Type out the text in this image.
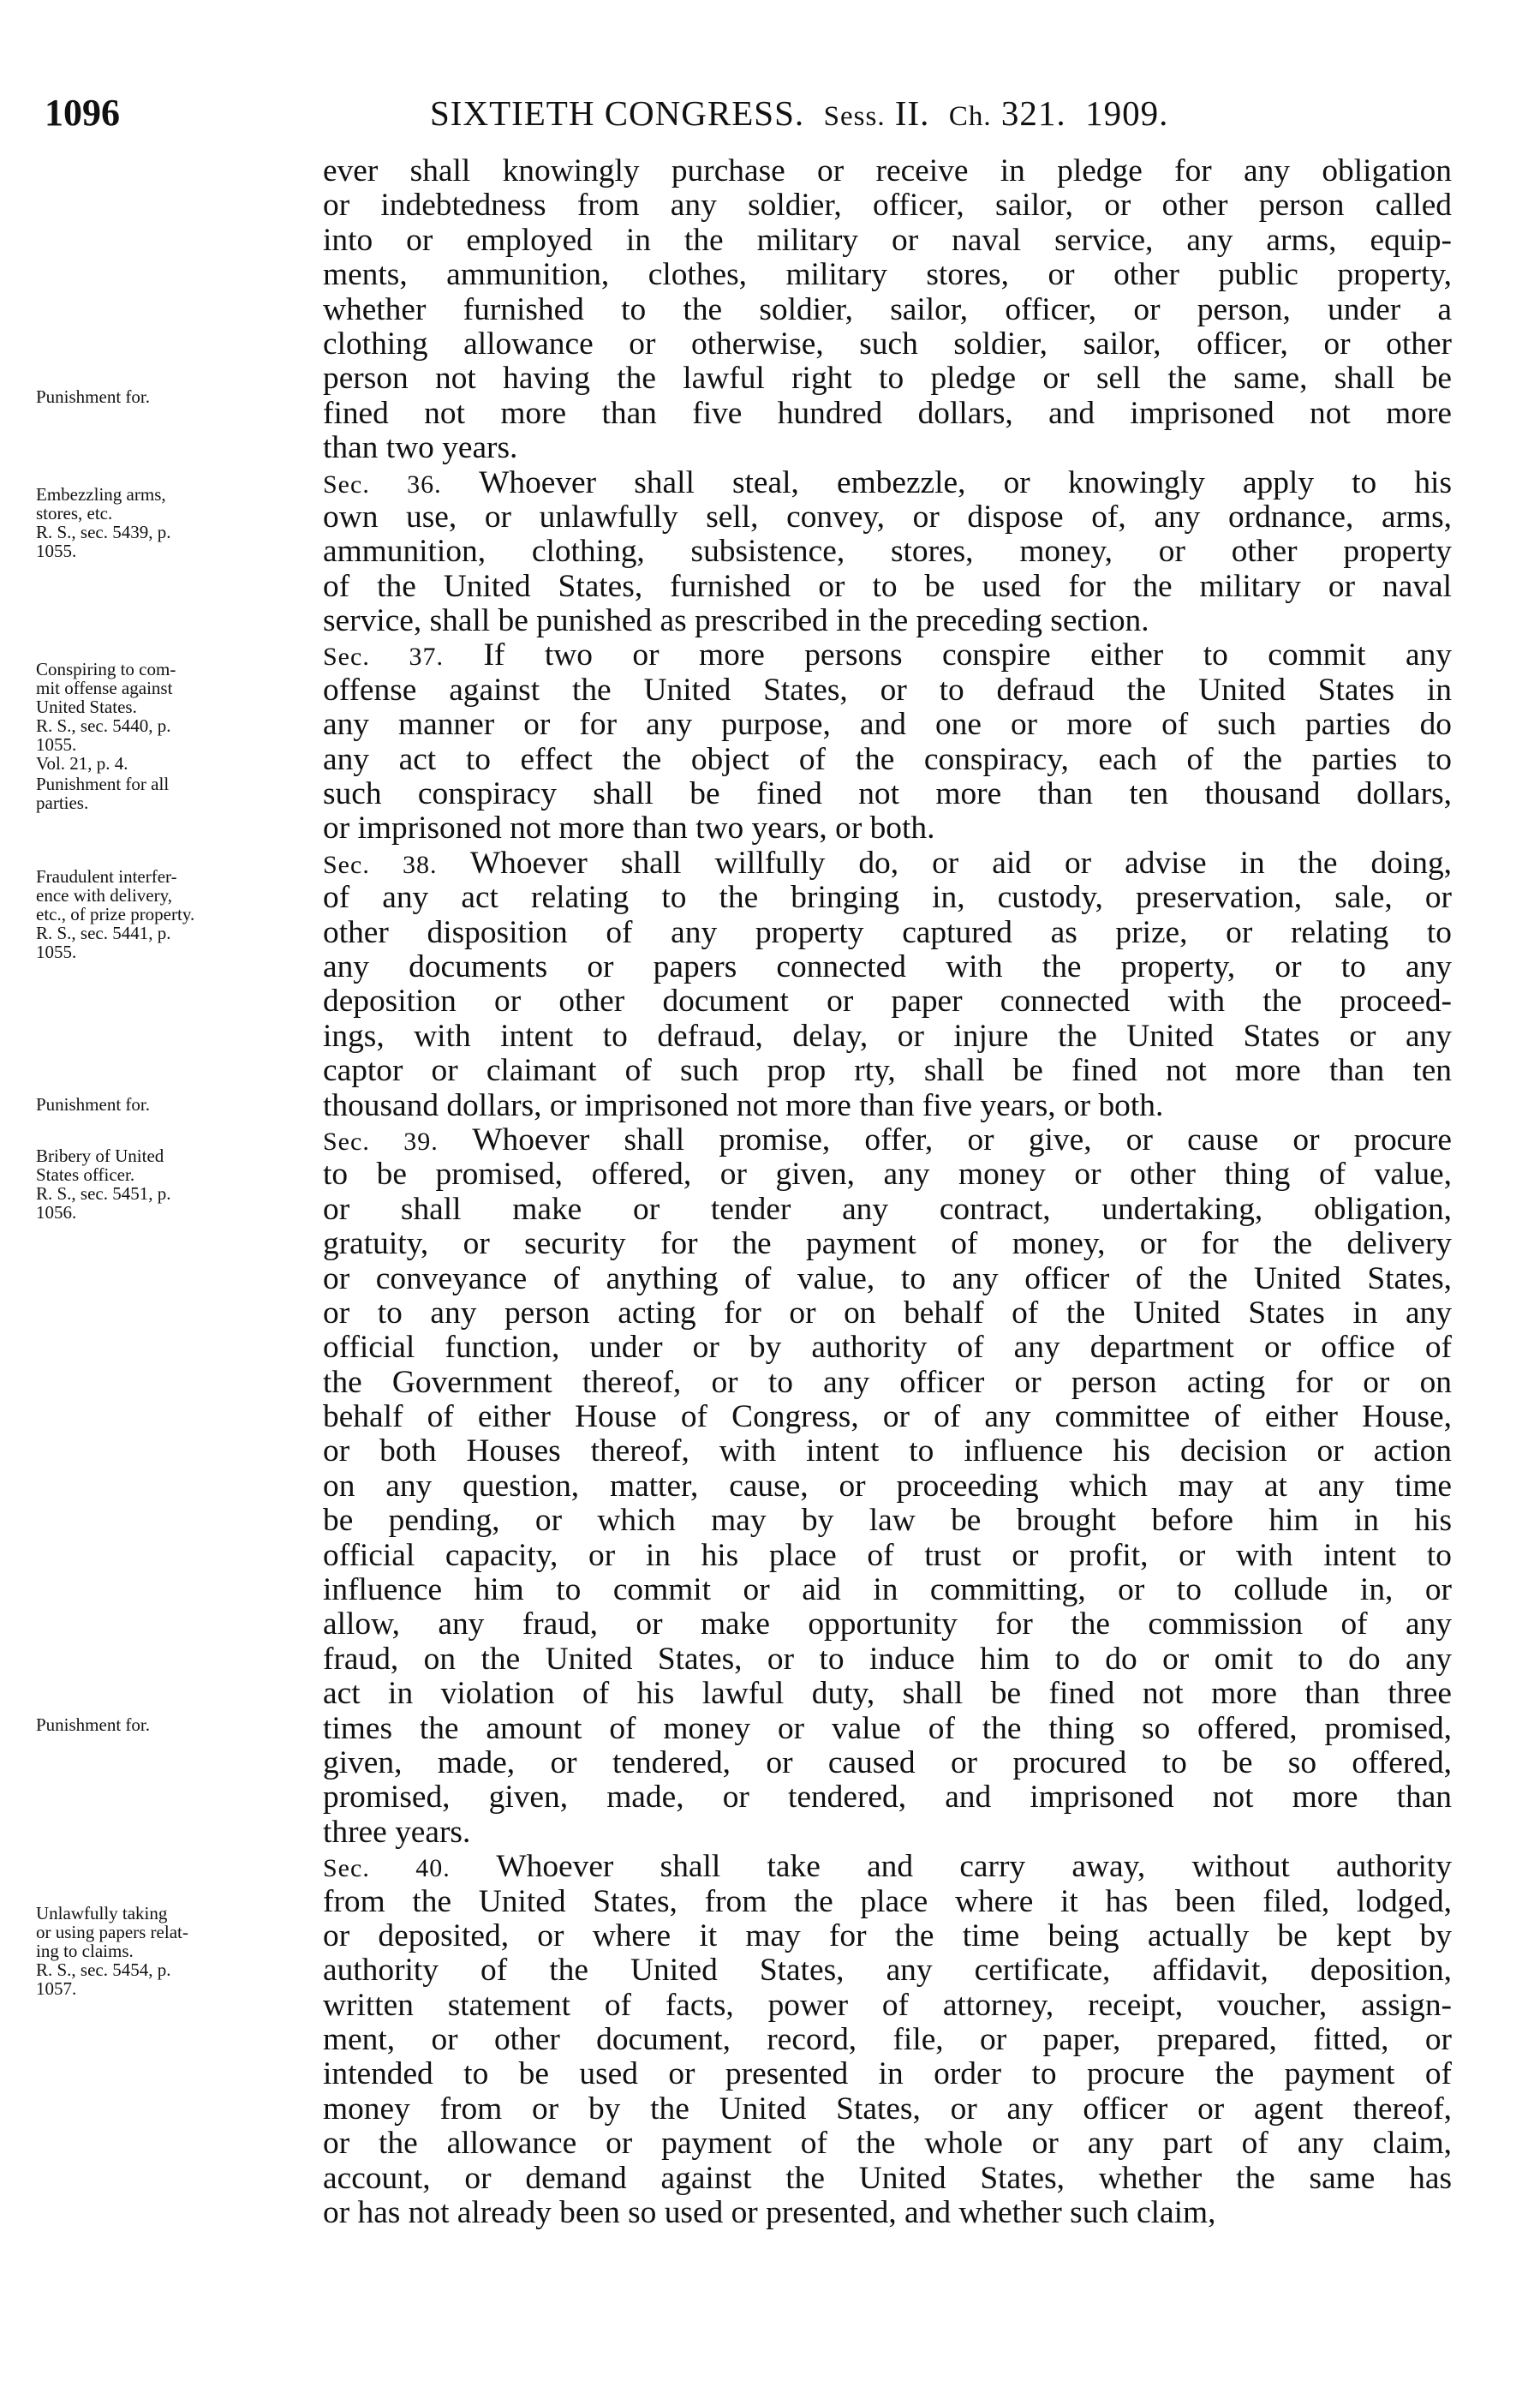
1096	SIXTIETH CONGRESS. Sess. II. Ch. 321. 1909.
ever shall knowingly purchase or receive in pledge for any obligation
or indebtedness from any soldier, officer, sailor, or other person called
into or employed in the military or naval service, any arms, equip-
ments, ammunition, clothes, military stores, or other public property,
whether furnished to the soldier, sailor, officer, or person, under a
clothing allowance or otherwise, such soldier, sailor, officer, or other
person not having the lawful right to pledge or sell the same, shall be
fined not more than five hundred dollars, and imprisoned not more
than two years.
Sec. 36. Whoever shall steal, embezzle, or knowingly apply to his
own use, or unlawfully sell, convey, or dispose of, any ordnance, arms,
ammunition, clothing, subsistence, stores, money, or other property
of the United States, furnished or to be used for the military or naval
service, shall be punished as prescribed in the preceding section.
Sec. 37. If two or more persons conspire either to commit any
offense against the United States, or to defraud the United States in
any manner or for any purpose, and one or more of such parties do
any act to effect the object of the conspiracy, each of the parties to
such conspiracy shall be fined not more than ten thousand dollars,
or imprisoned not more than two years, or both.
Sec. 38. Whoever shall willfully do, or aid or advise in the doing,
of any act relating to the bringing in, custody, preservation, sale, or
other disposition of any property captured as prize, or relating to
any documents or papers connected with the property, or to any
deposition or other document or paper connected with the proceed-
ings, with intent to defraud, delay, or injure the United States or any
captor or claimant of such prop rty, shall be fined not more than ten
thousand dollars, or imprisoned not more than five years, or both.
Sec. 39. Whoever shall promise, offer, or give, or cause or procure
to be promised, offered, or given, any money or other thing of value,
or shall make or tender any contract, undertaking, obligation,
gratuity, or security for the payment of money, or for the delivery
or conveyance of anything of value, to any officer of the United States,
or to any person acting for or on behalf of the United States in any
official function, under or by authority of any department or office of
the Government thereof, or to any officer or person acting for or on
behalf of either House of Congress, or of any committee of either House,
or both Houses thereof, with intent to influence his decision or action
on any question, matter, cause, or proceeding which may at any time
be pending, or which may by law be brought before him in his
official capacity, or in his place of trust or profit, or with intent to
influence him to commit or aid in committing, or to collude in, or
allow, any fraud, or make opportunity for the commission of any
fraud, on the United States, or to induce him to do or omit to do any
act in violation of his lawful duty, shall be fined not more than three
times the amount of money or value of the thing so offered, promised,
given, made, or tendered, or caused or procured to be so offered,
promised, given, made, or tendered, and imprisoned not more than
three years.
Sec. 40. Whoever shall take and carry away, without authority
from the United States, from the place where it has been filed, lodged,
or deposited, or where it may for the time being actually be kept by
authority of the United States, any certificate, affidavit, deposition,
written statement of facts, power of attorney, receipt, voucher, assign-
ment, or other document, record, file, or paper, prepared, fitted, or
intended to be used or presented in order to procure the payment of
money from or by the United States, or any officer or agent thereof,
or the allowance or payment of the whole or any part of any claim,
account, or demand against the United States, whether the same has
or has not already been so used or presented, and whether such claim,
Punishment for.
Embezzling arms,
stores, etc.
R. S., sec. 5439, p.
1055.
Conspiring to com-
mit offense against
United States.
R. S., sec. 5440, p.
1055.
Vol. 21, p. 4.
Punishment for all
parties.
Fraudulent interfer-
ence with delivery,
etc., of prize property.
R. S., sec. 5441, p.
1055.
Punishment for.
Bribery of United
States officer.
R. S., sec. 5451, p.
1056.
Punishment for.
Unlawfully taking
or using papers relat-
ing to claims.
R. S., sec. 5454, p.
1057.
